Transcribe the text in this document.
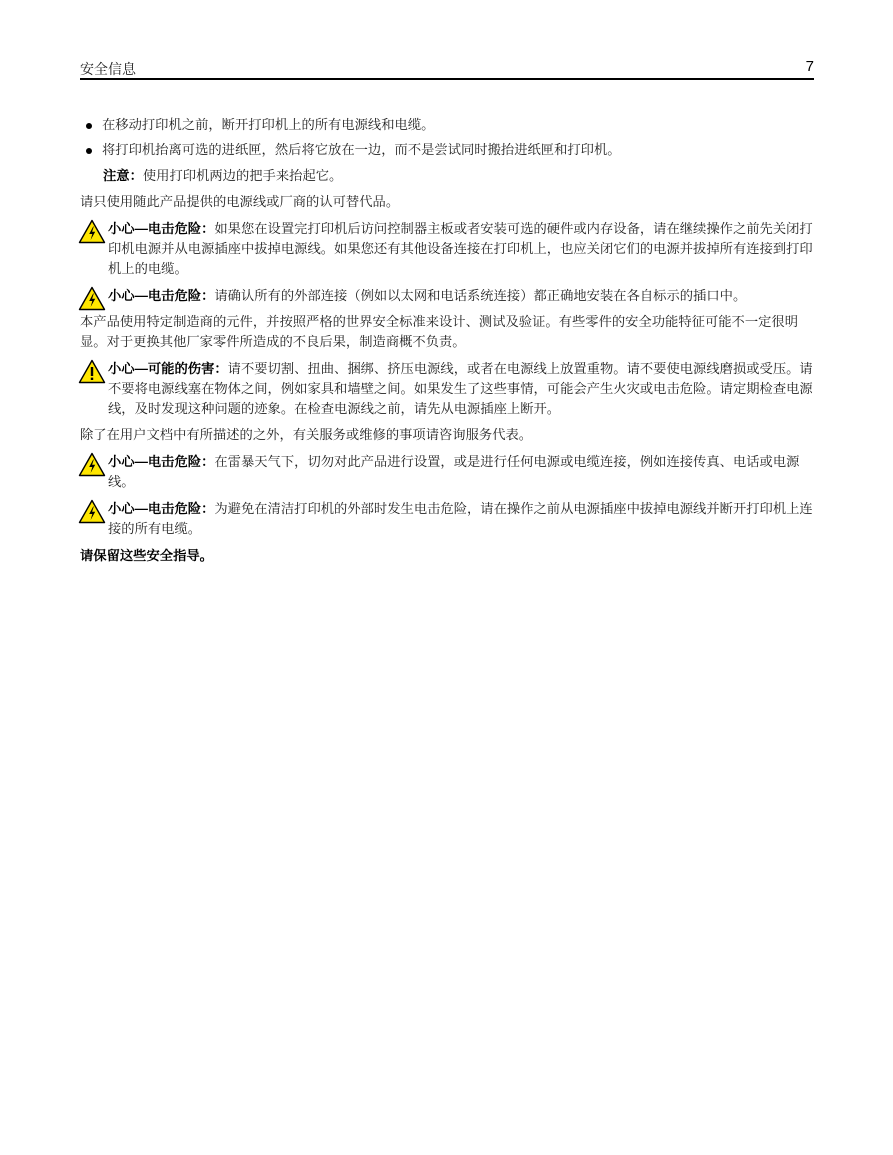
安全信息	7
在移动打印机之前，断开打印机上的所有电源线和电缆。
将打印机抬离可选的进纸匣，然后将它放在一边，而不是尝试同时搬抬进纸匣和打印机。
注意：使用打印机两边的把手来抬起它。
请只使用随此产品提供的电源线或厂商的认可替代品。
小心—电击危险：如果您在设置完打印机后访问控制器主板或者安装可选的硬件或内存设备，请在继续操作之前先关闭打印机电源并从电源插座中拔掉电源线。如果您还有其他设备连接在打印机上，也应关闭它们的电源并拔掉所有连接到打印机上的电缆。
小心—电击危险：请确认所有的外部连接（例如以太网和电话系统连接）都正确地安装在各自标示的插口中。
本产品使用特定制造商的元件，并按照严格的世界安全标准来设计、测试及验证。有些零件的安全功能特征可能不一定很明显。对于更换其他厂家零件所造成的不良后果，制造商概不负责。
小心—可能的伤害：请不要切割、扭曲、捆绑、挤压电源线，或者在电源线上放置重物。请不要使电源线磨损或受压。请不要将电源线塞在物体之间，例如家具和墙壁之间。如果发生了这些事情，可能会产生火灾或电击危险。请定期检查电源线，及时发现这种问题的迹象。在检查电源线之前，请先从电源插座上断开。
除了在用户文档中有所描述的之外，有关服务或维修的事项请咨询服务代表。
小心—电击危险：在雷暴天气下，切勿对此产品进行设置，或是进行任何电源或电缆连接，例如连接传真、电话或电源线。
小心—电击危险：为避免在清洁打印机的外部时发生电击危险，请在操作之前从电源插座中拔掉电源线并断开打印机上连接的所有电缆。
请保留这些安全指导。
